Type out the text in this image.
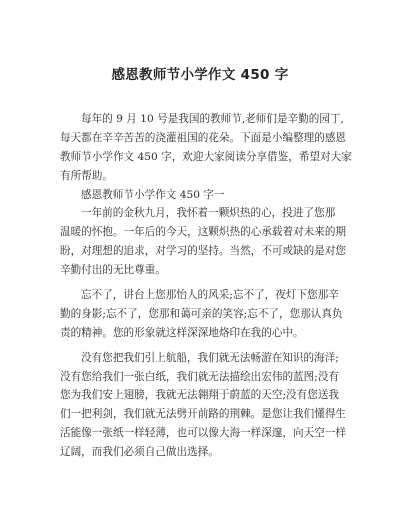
感恩教师节小学作文 450 字
每年的 9 月 10 号是我国的教师节,老师们是辛勤的园丁,
每天都在辛辛苦苦的浇灌祖国的花朵。下面是小编整理的感恩
教师节小学作文 450 字，欢迎大家阅读分享借鉴，希望对大家
有所帮助。
感恩教师节小学作文 450 字一
一年前的金秋九月，我怀着一颗炽热的心，投进了您那
温暖的怀抱。一年后的今天，这颗炽热的心承载着对未来的期
盼，对理想的追求，对学习的坚持。当然，不可或缺的是对您
辛勤付出的无比尊重。
忘不了，讲台上您那怡人的风采;忘不了，夜灯下您那辛
勤的身影;忘不了，您那和蔼可亲的笑容;忘不了，您那认真负
责的精神。您的形象就这样深深地烙印在我的心中。
没有您把我们引上航船，我们就无法畅游在知识的海洋;
没有您给我们一张白纸，我们就无法描绘出宏伟的蓝图;没有
您为我们安上翅膀，我就无法翱翔于蔚蓝的天空;没有您送我
们一把利剑，我们就无法劈开前路的荆棘。是您让我们懂得生
活能像一张纸一样轻薄，也可以像大海一样深邃，向天空一样
辽阔，而我们必须自己做出选择。
